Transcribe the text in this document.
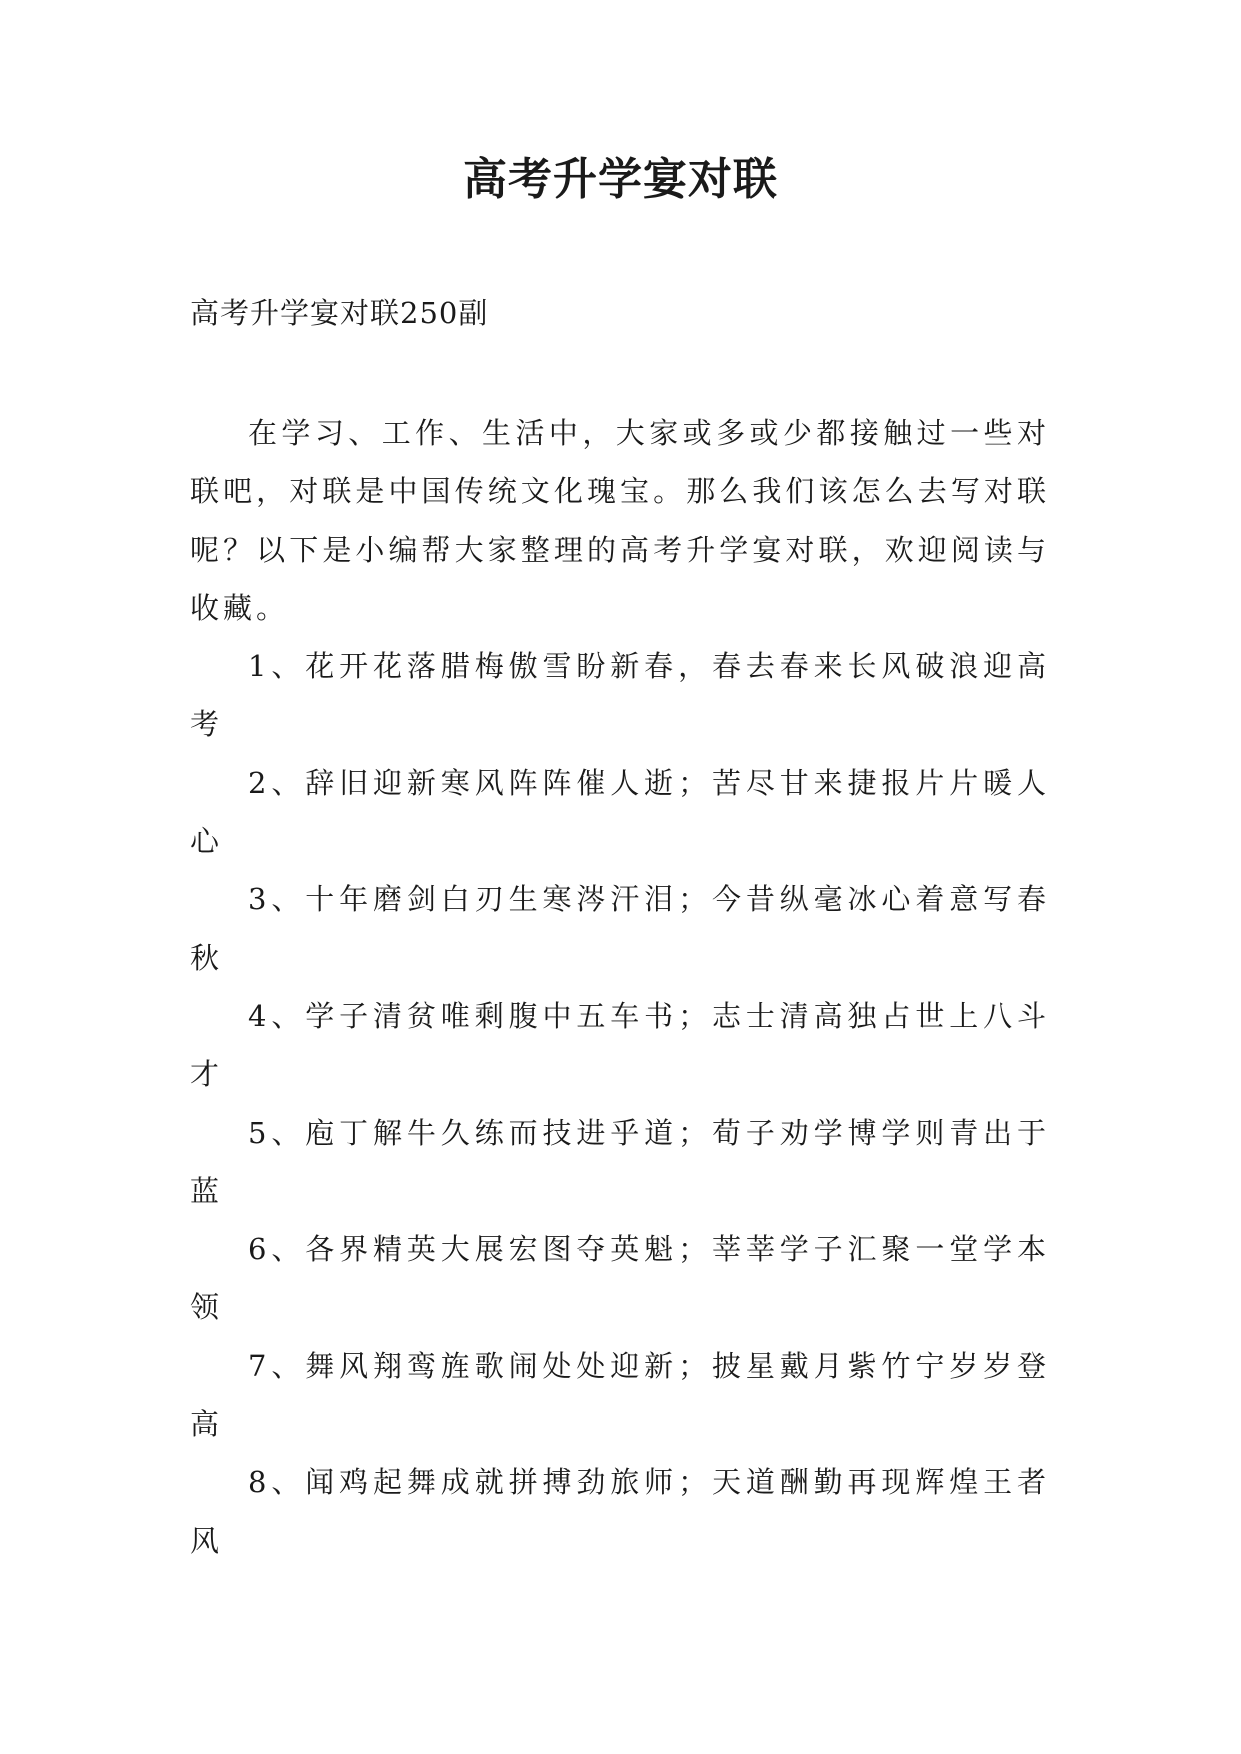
高考升学宴对联

高考升学宴对联250副

在学习、工作、生活中，大家或多或少都接触过一些对联吧，对联是中国传统文化瑰宝。那么我们该怎么去写对联呢？以下是小编帮大家整理的高考升学宴对联，欢迎阅读与收藏。

1、花开花落腊梅傲雪盼新春，春去春来长风破浪迎高考

2、辞旧迎新寒风阵阵催人逝；苦尽甘来捷报片片暖人心

3、十年磨剑白刃生寒涔汗泪；今昔纵毫冰心着意写春秋

4、学子清贫唯剩腹中五车书；志士清高独占世上八斗才

5、庖丁解牛久练而技进乎道；荀子劝学博学则青出于蓝

6、各界精英大展宏图夺英魁；莘莘学子汇聚一堂学本领

7、舞风翔鸾旌歌闹处处迎新；披星戴月紫竹宁岁岁登高

8、闻鸡起舞成就拼搏劲旅师；天道酬勤再现辉煌王者风
